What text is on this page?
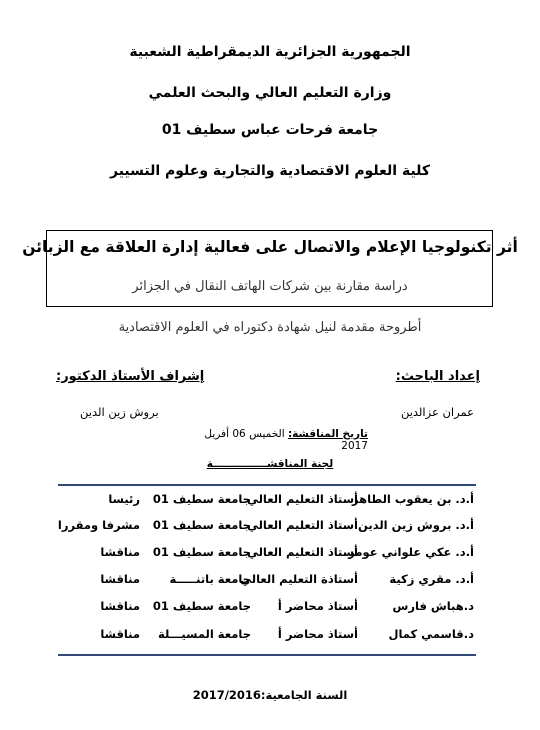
الجمهورية الجزائرية الديمقراطية الشعبية
وزارة التعليم العالي والبحث العلمي
جامعة فرحات عباس سطيف 01
كلية العلوم الاقتصادية والتجارية وعلوم التسيير
أثر تكنولوجيا الإعلام والاتصال على فعالية إدارة العلاقة مع الزبائن
دراسة مقارنة بين شركات الهاتف النقال في الجزائر
أطروحة مقدمة لنيل شهادة دكتوراه في العلوم الاقتصادية
إعداد الباحث:
إشراف الأستاذ الدكتور:
عمران عزالدين
بروش زين الدين
تاريخ المناقشة: الخميس 06 أفريل 2017
لجنة المناقشـــــــــــــــة
أ.د. بن يعقوب الطاهر
أستاذ التعليم العالي
جامعة سطيف 01
رئيسا
أ.د. بروش زين الدين
أستاذ التعليم العالي
جامعة سطيف 01
مشرفا ومقررا
أ.د. عكي علواني عومر
أستاذ التعليم العالي
جامعة سطيف 01
مناقشا
أ.د. مقري زكية
أستاذة التعليم العالي
جامعة باتنـــــة
مناقشا
د.هباش فارس
أستاذ محاضر أ
جامعة سطيف 01
مناقشا
د.قاسمي كمال
أستاذ محاضر أ
جامعة المسيـــلة
مناقشا
السنة الجامعية:2017/2016
